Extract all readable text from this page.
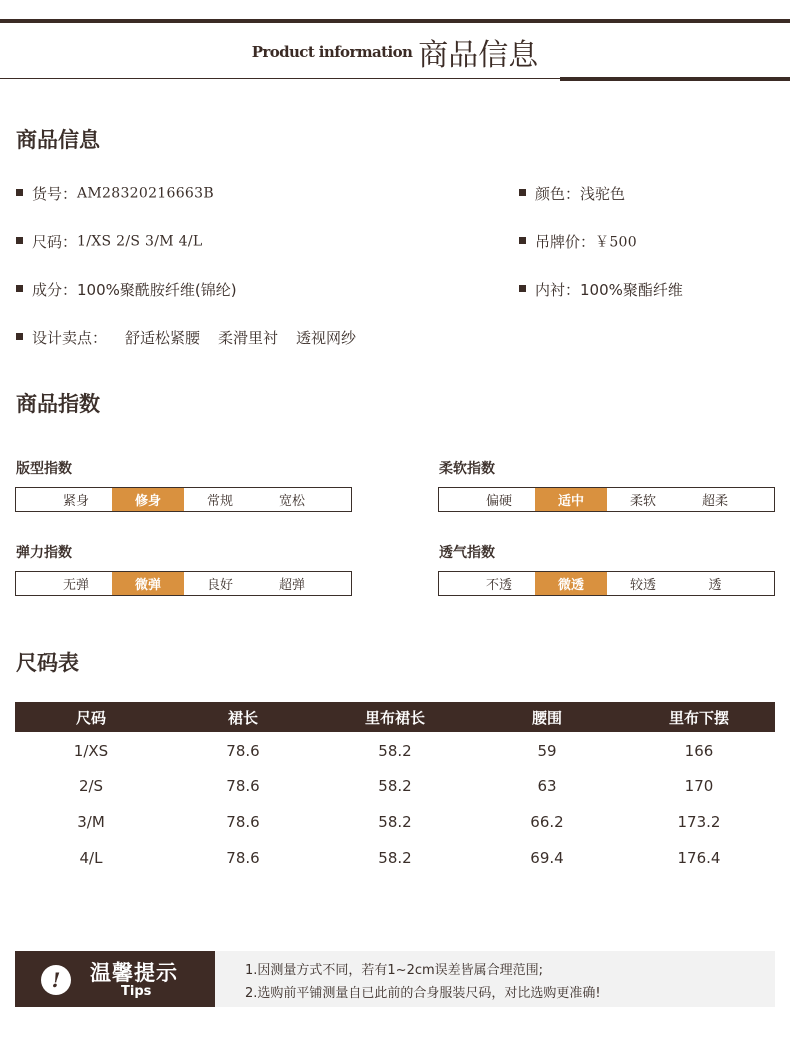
Product information 商品信息
商品信息
货号：AM28320216663B	颜色：浅驼色
尺码：1/XS 2/S 3/M 4/L	吊牌价：￥500
成分：100%聚酰胺纤维(锦纶)	内衬：100%聚酯纤维
设计卖点： 舒适松紧腰 柔滑里衬 透视网纱
商品指数
版型指数
紧身	修身	常规	宽松
柔软指数
偏硬	适中	柔软	超柔
弹力指数
无弹	微弹	良好	超弹
透气指数
不透	微透	较透	透
尺码表
尺码	裙长	里布裙长	腰围	里布下摆
1/XS	78.6	58.2	59	166
2/S	78.6	58.2	63	170
3/M	78.6	58.2	66.2	173.2
4/L	78.6	58.2	69.4	176.4
!	温馨提示
Tips
1.因测量方式不同，若有1~2cm误差皆属合理范围;
2.选购前平铺测量自已此前的合身服装尺码，对比选购更准确!
